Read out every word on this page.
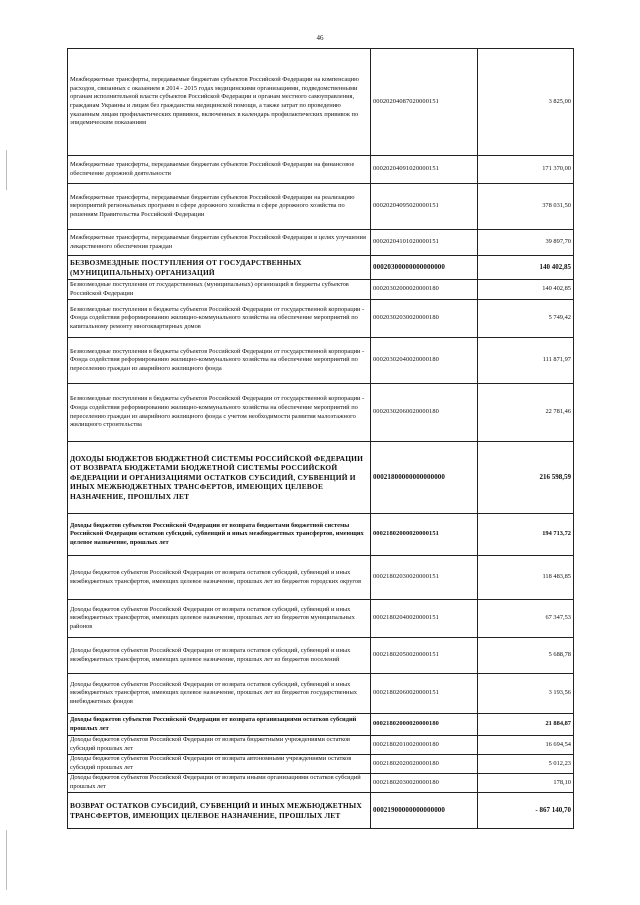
46
Межбюджетные трансферты, передаваемые бюджетам субъектов Российской Федерации на компенсацию расходов, связанных с оказанием в 2014 - 2015 годах медицинскими организациями, подведомственными органам исполнительной власти субъектов Российской Федерации и органам местного самоуправления, гражданам Украины и лицам без гражданства медицинской помощи, а также затрат по проведению указанным лицам профилактических прививок, включенных в календарь профилактических прививок по эпидемическим показаниям	00020204087020000151	3 825,00
Межбюджетные трансферты, передаваемые бюджетам субъектов Российской Федерации на финансовое обеспечение дорожной деятельности	00020204091020000151	171 370,00
Межбюджетные трансферты, передаваемые бюджетам субъектов Российской Федерации на реализацию мероприятий региональных программ в сфере дорожного хозяйства в сфере дорожного хозяйства по решениям Правительства Российской Федерации	00020204095020000151	378 031,50
Межбюджетные трансферты, передаваемые бюджетам субъектов Российской Федерации в целях улучшения лекарственного обеспечения граждан	00020204101020000151	39 897,70
БЕЗВОЗМЕЗДНЫЕ ПОСТУПЛЕНИЯ ОТ ГОСУДАРСТВЕННЫХ (МУНИЦИПАЛЬНЫХ) ОРГАНИЗАЦИЙ	00020300000000000000	140 402,85
Безвозмездные поступления от государственных (муниципальных) организаций в бюджеты субъектов Российской Федерации	00020302000020000180	140 402,85
Безвозмездные поступления в бюджеты субъектов Российской Федерации от государственной корпорации - Фонда содействия реформированию жилищно-коммунального хозяйства на обеспечение мероприятий по капитальному ремонту многоквартирных домов	00020302030020000180	5 749,42
Безвозмездные поступления в бюджеты субъектов Российской Федерации от государственной корпорации - Фонда содействия реформированию жилищно-коммунального хозяйства на обеспечение мероприятий по переселению граждан из аварийного жилищного фонда	00020302040020000180	111 871,97
Безвозмездные поступления в бюджеты субъектов Российской Федерации от государственной корпорации - Фонда содействия реформированию жилищно-коммунального хозяйства на обеспечение мероприятий по переселению граждан из аварийного жилищного фонда с учетом необходимости развития малоэтажного жилищного строительства	00020302060020000180	22 781,46
ДОХОДЫ БЮДЖЕТОВ БЮДЖЕТНОЙ СИСТЕМЫ РОССИЙСКОЙ ФЕДЕРАЦИИ ОТ ВОЗВРАТА БЮДЖЕТАМИ БЮДЖЕТНОЙ СИСТЕМЫ РОССИЙСКОЙ ФЕДЕРАЦИИ И ОРГАНИЗАЦИЯМИ ОСТАТКОВ СУБСИДИЙ, СУБВЕНЦИЙ И ИНЫХ МЕЖБЮДЖЕТНЫХ ТРАНСФЕРТОВ, ИМЕЮЩИХ ЦЕЛЕВОЕ НАЗНАЧЕНИЕ, ПРОШЛЫХ ЛЕТ	00021800000000000000	216 598,59
Доходы бюджетов субъектов Российской Федерации от возврата бюджетами бюджетной системы Российской Федерации остатков субсидий, субвенций и иных межбюджетных трансфертов, имеющих целевое назначение, прошлых лет	00021802000020000151	194 713,72
Доходы бюджетов субъектов Российской Федерации от возврата остатков субсидий, субвенций и иных межбюджетных трансфертов, имеющих целевое назначение, прошлых лет из бюджетов городских округов	00021802030020000151	118 483,85
Доходы бюджетов субъектов Российской Федерации от возврата остатков субсидий, субвенций и иных межбюджетных трансфертов, имеющих целевое назначение, прошлых лет из бюджетов муниципальных районов	00021802040020000151	67 347,53
Доходы бюджетов субъектов Российской Федерации от возврата остатков субсидий, субвенций и иных межбюджетных трансфертов, имеющих целевое назначение, прошлых лет из бюджетов поселений	00021802050020000151	5 688,78
Доходы бюджетов субъектов Российской Федерации от возврата остатков субсидий, субвенций и иных межбюджетных трансфертов, имеющих целевое назначение, прошлых лет из бюджетов государственных внебюджетных фондов	00021802060020000151	3 193,56
Доходы бюджетов субъектов Российской Федерации от возврата организациями остатков субсидий прошлых лет	00021802000020000180	21 884,87
Доходы бюджетов субъектов Российской Федерации от возврата бюджетными учреждениями остатков субсидий прошлых лет	00021802010020000180	16 694,54
Доходы бюджетов субъектов Российской Федерации от возврата автономными учреждениями остатков субсидий прошлых лет	00021802020020000180	5 012,23
Доходы бюджетов субъектов Российской Федерации от возврата иными организациями остатков субсидий прошлых лет	00021802030020000180	178,10
ВОЗВРАТ ОСТАТКОВ СУБСИДИЙ, СУБВЕНЦИЙ И ИНЫХ МЕЖБЮДЖЕТНЫХ ТРАНСФЕРТОВ, ИМЕЮЩИХ ЦЕЛЕВОЕ НАЗНАЧЕНИЕ, ПРОШЛЫХ ЛЕТ	00021900000000000000	- 867 140,70
